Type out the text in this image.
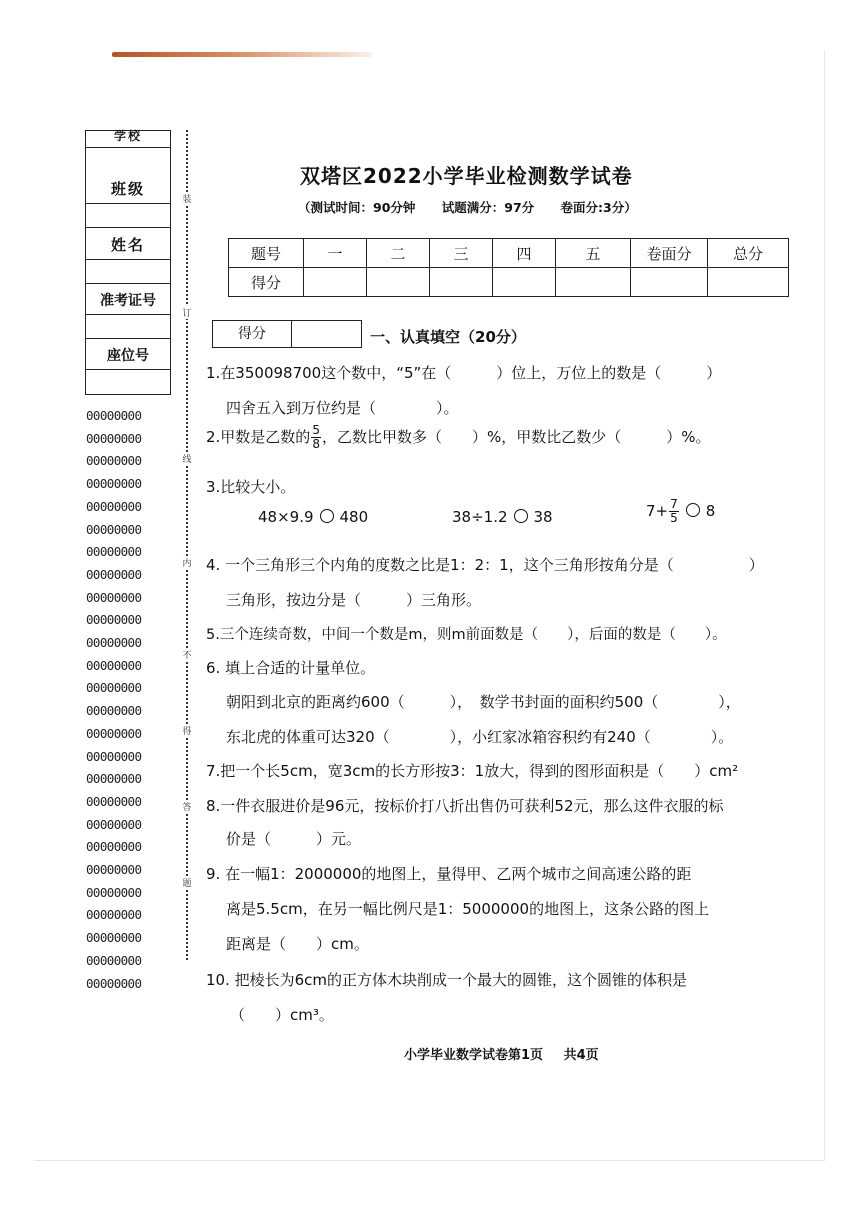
学校
班级
姓名
准考证号
座位号
00000000
00000000
00000000
00000000
00000000
00000000
00000000
00000000
00000000
00000000
00000000
00000000
00000000
00000000
00000000
00000000
00000000
00000000
00000000
00000000
00000000
00000000
00000000
00000000
00000000
00000000
装
订
线
内
不
得
答
题
双塔区2022小学毕业检测数学试卷
（测试时间：90分钟 试题满分：97分 卷面分:3分）
题号	一	二	三	四	五	卷面分	总分
得分							
得分	一、认真填空（20分）
1.在350098700这个数中，“5”在（　　　）位上，万位上的数是（　　　）
四舍五入到万位约是（　　　　）。
2.甲数是乙数的 $\frac{5}{8}$ ，乙数比甲数多（　　）%，甲数比乙数少（　　　）%。
3.比较大小。
48×9.9 480	38÷1.2 38	$7+ \frac{7}{5} 8$
4. 一个三角形三个内角的度数之比是1：2：1，这个三角形按角分是（　　　　　）
三角形，按边分是（　　　）三角形。
5.三个连续奇数，中间一个数是m，则m前面数是（　　），后面的数是（　　）。
6. 填上合适的计量单位。
朝阳到北京的距离约600（　　　），　数学书封面的面积约500（　　　　），
东北虎的体重可达320（　　　　），小红家冰箱容积约有240（　　　　）。
7.把一个长5cm，宽3cm的长方形按3：1放大，得到的图形面积是（　　）cm²
8.一件衣服进价是96元，按标价打八折出售仍可获利52元，那么这件衣服的标
价是（　　　）元。
9. 在一幅1：2000000的地图上，量得甲、乙两个城市之间高速公路的距
离是5.5cm，在另一幅比例尺是1：5000000的地图上，这条公路的图上
距离是（　　）cm。
10. 把棱长为6cm的正方体木块削成一个最大的圆锥，这个圆锥的体积是
（　　）cm³。
小学毕业数学试卷第1页 共4页
